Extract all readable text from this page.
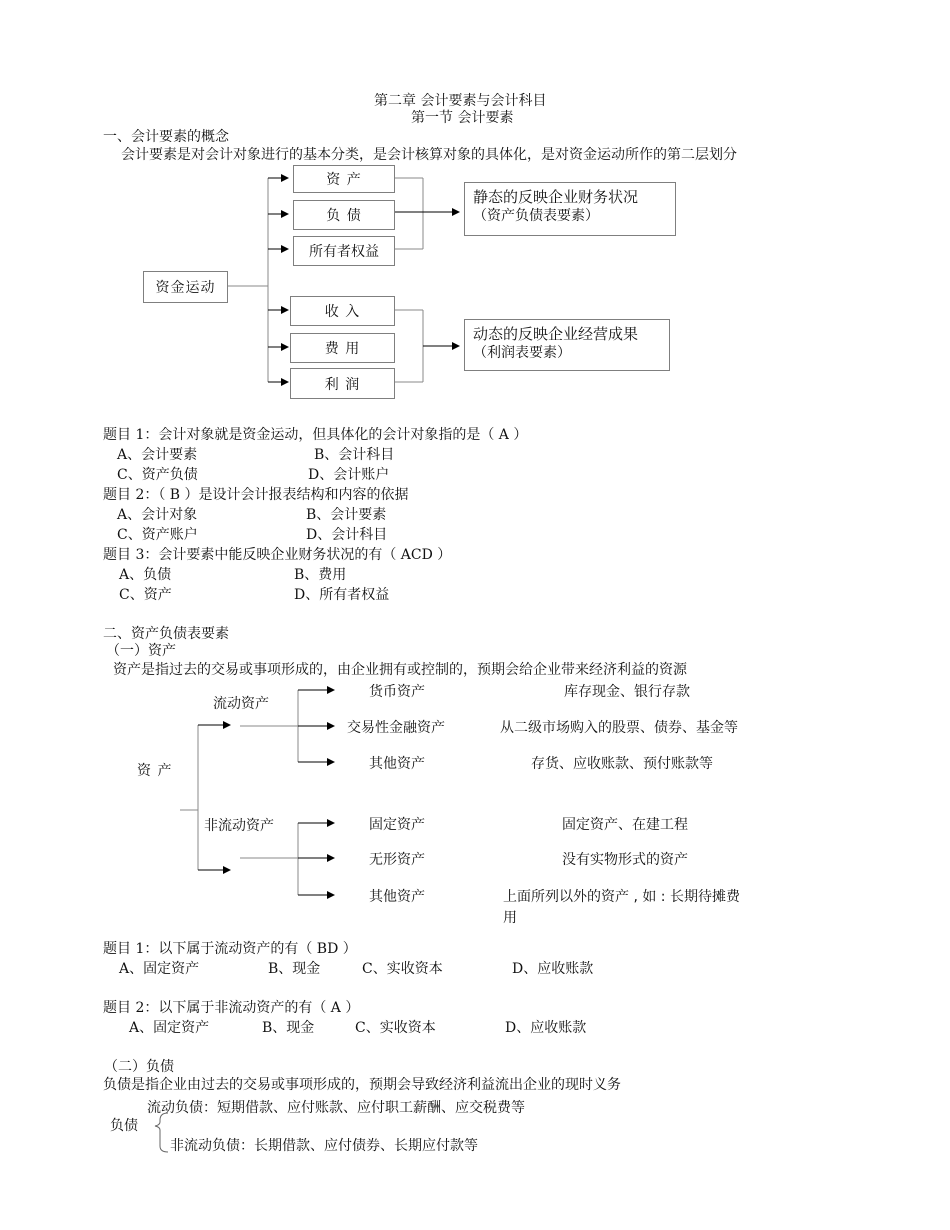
第二章 会计要素与会计科目
第一节 会计要素
一、会计要素的概念
会计要素是对会计对象进行的基本分类，是会计核算对象的具体化，是对资金运动所作的第二层划分
资金运动
资 产
负 债
所有者权益
收 入
费 用
利 润
静态的反映企业财务状况
（资产负债表要素）
动态的反映企业经营成果
（利润表要素）
题目 1：会计对象就是资金运动，但具体化的会计对象指的是（ A ）
A、会计要素	B、会计科目
C、资产负债	D、会计账户
题目 2：（ B ）是设计会计报表结构和内容的依据
A、会计对象	B、会计要素
C、资产账户	D、会计科目
题目 3：会计要素中能反映企业财务状况的有（ ACD ）
A、负债	B、费用
C、资产	D、所有者权益
二、资产负债表要素
（一）资产
资产是指过去的交易或事项形成的，由企业拥有或控制的，预期会给企业带来经济利益的资源
资 产
流动资产
非流动资产
货币资产	库存现金、银行存款
交易性金融资产	从二级市场购入的股票、债券、基金等
其他资产	存货、应收账款、预付账款等
固定资产	固定资产、在建工程
无形资产	没有实物形式的资产
其他资产	上面所列以外的资产 , 如 : 长期待摊费
用
题目 1：以下属于流动资产的有（ BD ）
A、固定资产	B、现金	C、实收资本	D、应收账款
题目 2：以下属于非流动资产的有（ A ）
A、固定资产	B、现金	C、实收资本	D、应收账款
（二）负债
负债是指企业由过去的交易或事项形成的，预期会导致经济利益流出企业的现时义务
流动负债：短期借款、应付账款、应付职工薪酬、应交税费等
负债
非流动负债：长期借款、应付债券、长期应付款等
